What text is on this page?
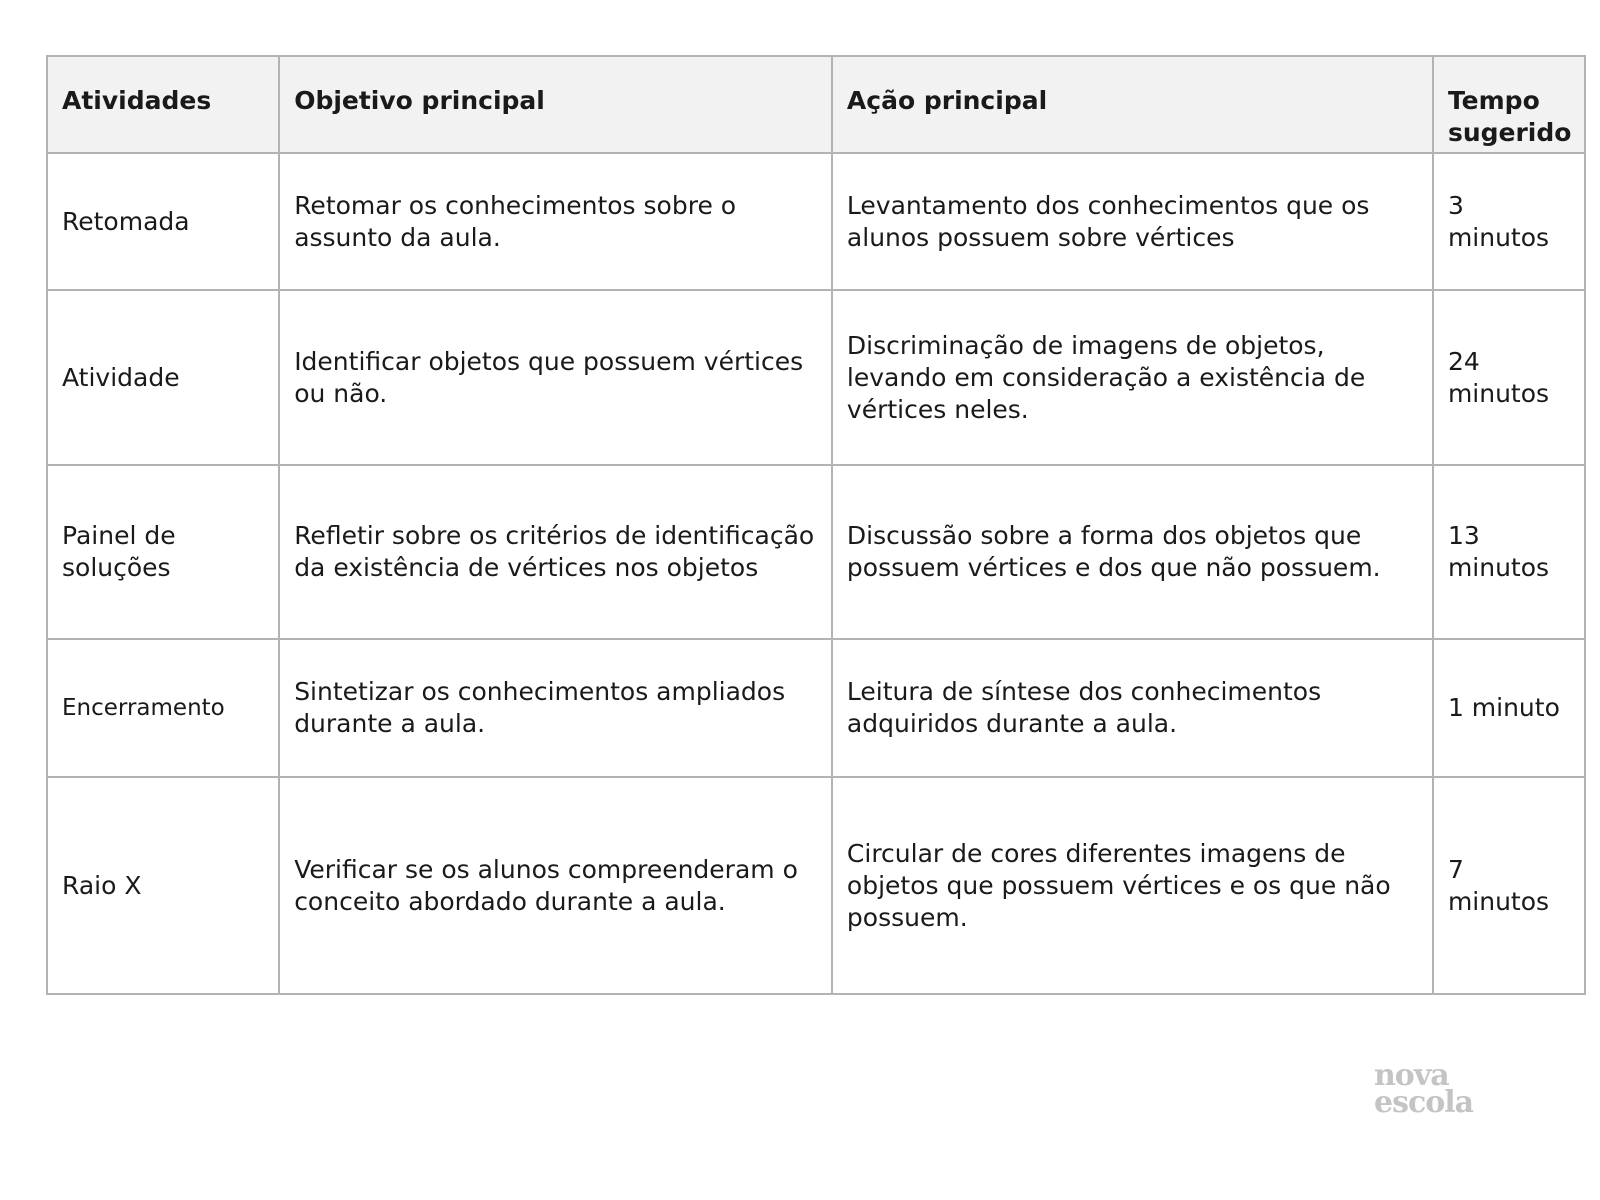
Atividades	Objetivo principal	Ação principal	Tempo sugerido
Retomada	Retomar os conhecimentos sobre o assunto da aula.	Levantamento dos conhecimentos que os alunos possuem sobre vértices	3 minutos
Atividade	Identificar objetos que possuem vértices ou não.	Discriminação de imagens de objetos, levando em consideração a existência de vértices neles.	24 minutos
Painel de soluções	Refletir sobre os critérios de identificação da existência de vértices nos objetos	Discussão sobre a forma dos objetos que possuem vértices e dos que não possuem.	13 minutos
Encerramento	Sintetizar os conhecimentos ampliados durante a aula.	Leitura de síntese dos conhecimentos adquiridos durante a aula.	1 minuto
Raio X	Verificar se os alunos compreenderam o conceito abordado durante a aula.	Circular de cores diferentes imagens de objetos que possuem vértices e os que não possuem.	7 minutos
nova
escola
